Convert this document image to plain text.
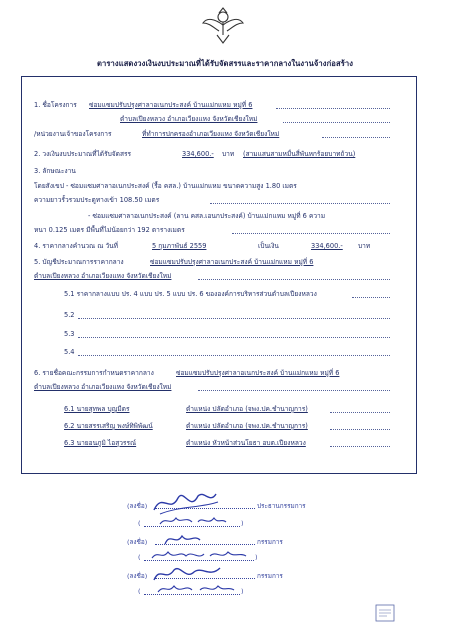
ตารางแสดงวงเงินงบประมาณที่ได้รับจัดสรรและราคากลางในงานจ้างก่อสร้าง
1. ชื่อโครงการ ซ่อมแซมปรับปรุงศาลาอเนกประสงค์ บ้านแม่กแหม หมู่ที่ 6
ตำบลเปียงหลวง อำเภอเวียงแหง จังหวัดเชียงใหม่
/หน่วยงานเจ้าของโครงการ	ที่ทำการปกครองอำเภอเวียงแหง จังหวัดเชียงใหม่
2. วงเงินงบประมาณที่ได้รับจัดสรร	334,600.- บาท (สามแสนสามหมื่นสี่พันหกร้อยบาทถ้วน)
3. ลักษณะงาน
โดยสังเขป - ซ่อมแซมศาลาอเนกประสงค์ (รื้อ คสล.) บ้านแม่กแหม ขนาดความสูง 1.80 เมตร
ความยาวรั้วรวมประตูทางเข้า 108.50 เมตร
- ซ่อมแซมศาลาอเนกประสงค์ (ลาน คสล.เอนกประสงค์) บ้านแม่กแหม หมู่ที่ 6 ความ
หนา 0.125 เมตร มีพื้นที่ไม่น้อยกว่า 192 ตารางเมตร
4. ราคากลางคำนวณ ณ วันที่	5 กุมภาพันธ์ 2559	เป็นเงิน	334,600.- บาท
5. บัญชีประมาณการราคากลาง	ซ่อมแซมปรับปรุงศาลาอเนกประสงค์ บ้านแม่กแหม หมู่ที่ 6
ตำบลเปียงหลวง อำเภอเวียงแหง จังหวัดเชียงใหม่
5.1 ราคากลางแบบ ปร. 4 แบบ ปร. 5 แบบ ปร. 6 ขององค์การบริหารส่วนตำบลเปียงหลวง
5.2
5.3
5.4
6. รายชื่อคณะกรรมการกำหนดราคากลาง	ซ่อมแซมปรับปรุงศาลาอเนกประสงค์ บ้านแม่กแหม หมู่ที่ 6
ตำบลเปียงหลวง อำเภอเวียงแหง จังหวัดเชียงใหม่
6.1 นายสุทพล บุญมีตร	ตำแหน่ง ปลัดอำเภอ (จพง.ปค.ชำนาญการ)
6.2 นายสรรเสริญ พงษ์ทิพิพัฒน์	ตำแหน่ง ปลัดอำเภอ (จพง.ปค.ชำนาญการ)
6.3 นายอนภูมิ ไอสุวรรณ์	ตำแหน่ง หัวหน้าส่วนโยธา อบต.เปียงหลวง
(ลงชื่อ)	ประธานกรรมการ
(	)
(ลงชื่อ)	กรรมการ
(	)
(ลงชื่อ)	กรรมการ
(	)
